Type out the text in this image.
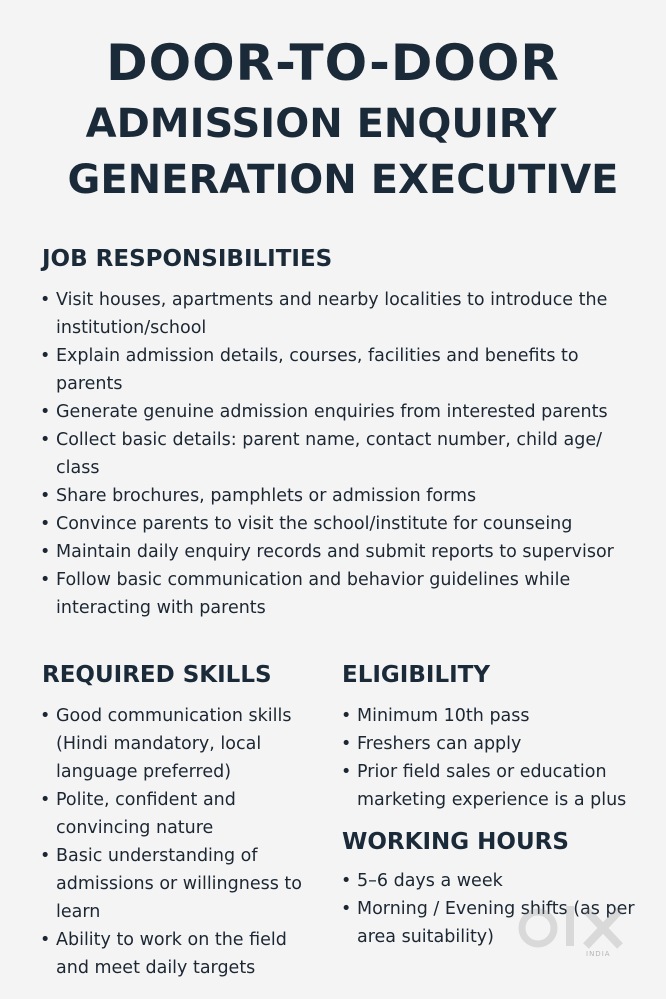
DOOR-TO-DOOR
ADMISSION ENQUIRY
GENERATION EXECUTIVE
JOB RESPONSIBILITIES
• Visit houses, apartments and nearby localities to introduce the institution/school
• Explain admission details, courses, facilities and benefits to parents
• Generate genuine admission enquiries from interested parents
• Collect basic details: parent name, contact number, child age/ class
• Share brochures, pamphlets or admission forms
• Convince parents to visit the school/institute for counseing
• Maintain daily enquiry records and submit reports to supervisor
• Follow basic communication and behavior guidelines while interacting with parents
REQUIRED SKILLS
• Good communication skills (Hindi mandatory, local language preferred)
• Polite, confident and convincing nature
• Basic understanding of admissions or willingness to learn
• Ability to work on the field and meet daily targets
ELIGIBILITY
• Minimum 10th pass
• Freshers can apply
• Prior field sales or education marketing experience is a plus
WORKING HOURS
• 5–6 days a week
• Morning / Evening shifts (as per area suitability)
INDIA
